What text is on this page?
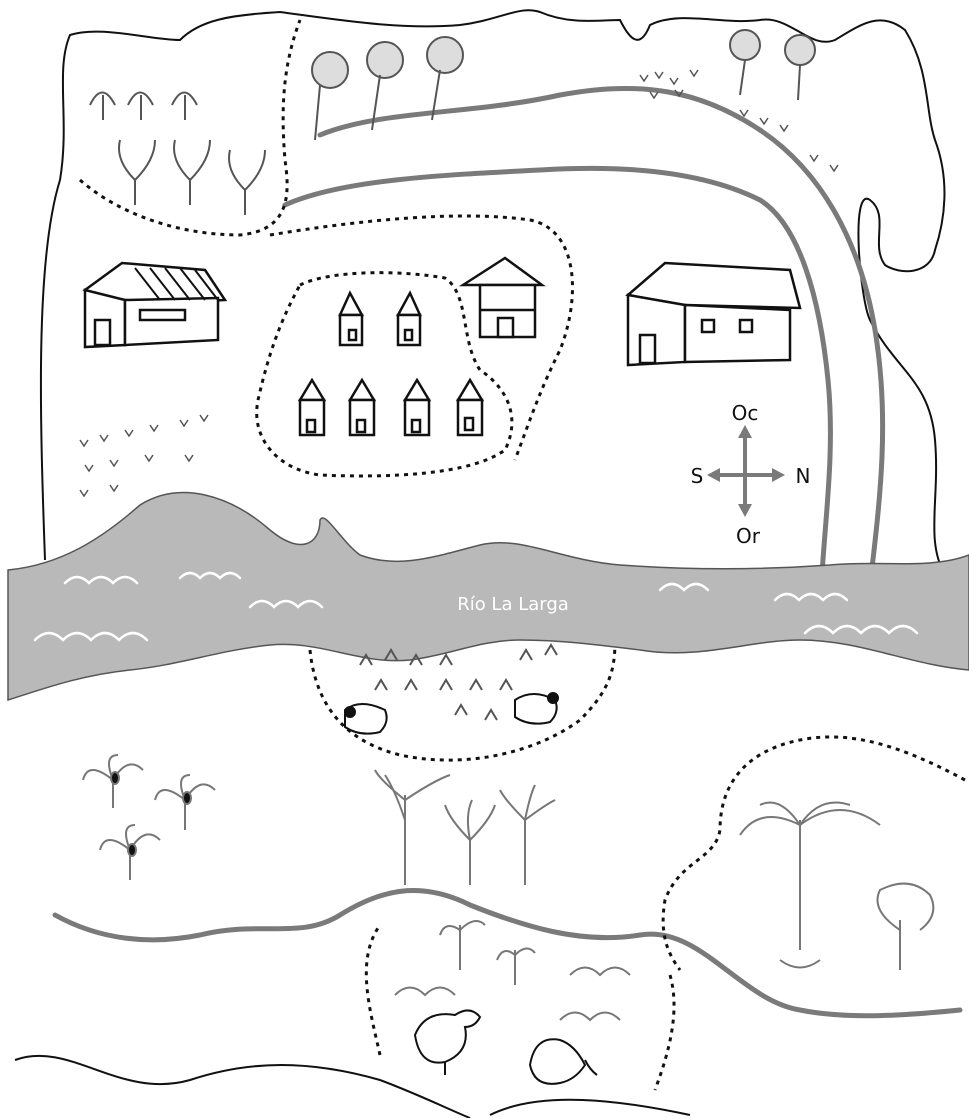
Río La Larga
Oc
Or
S	N
